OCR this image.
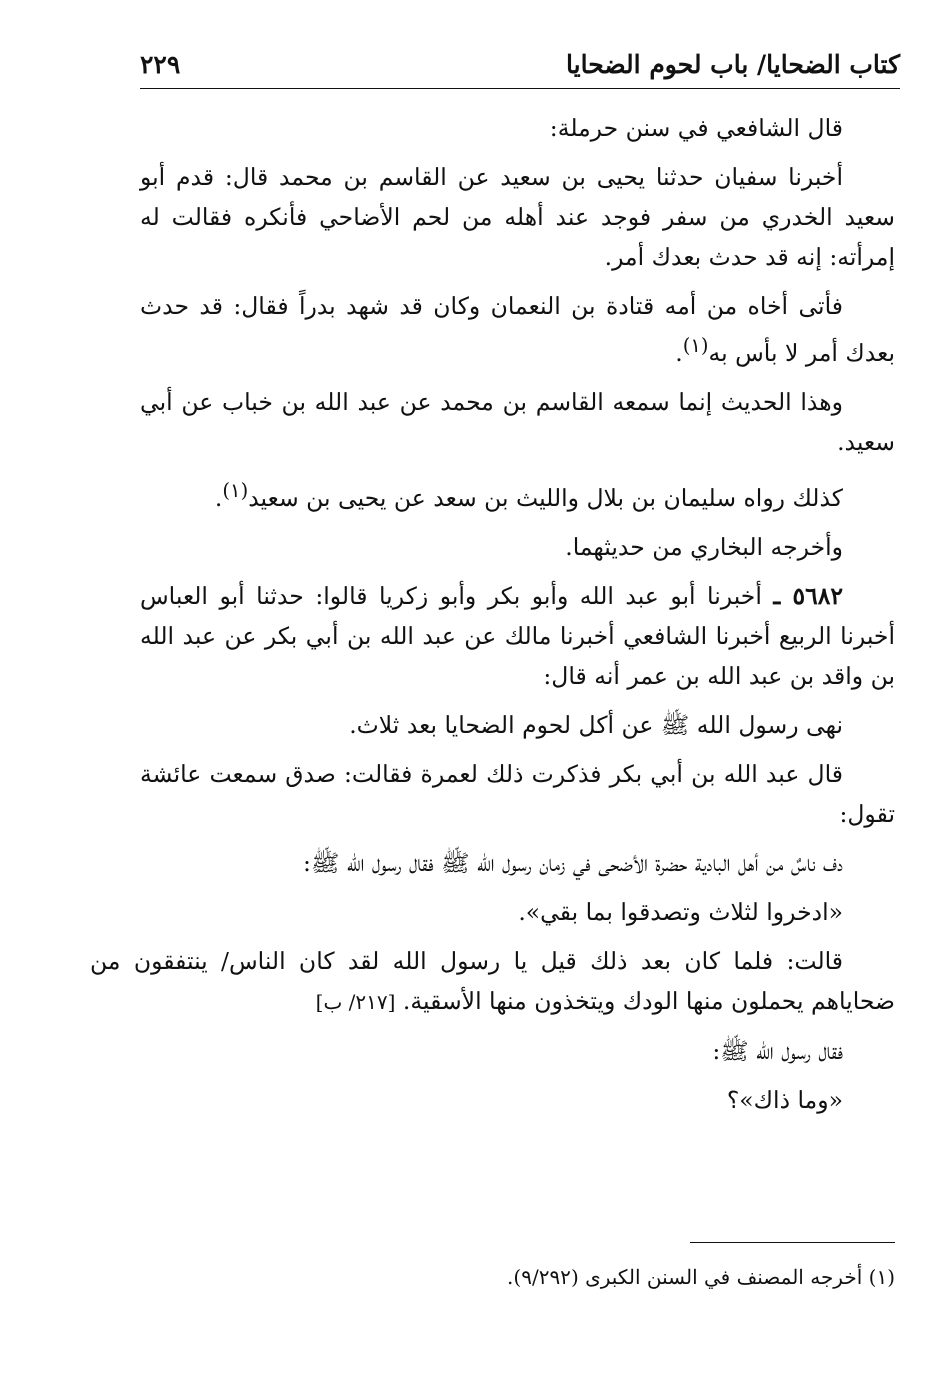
كتاب الضحايا/ باب لحوم الضحايا
٢٢٩

قال الشافعي في سنن حرملة:

أخبرنا سفيان حدثنا يحيى بن سعيد عن القاسم بن محمد قال: قدم أبو سعيد الخدري من سفر فوجد عند أهله من لحم الأضاحي فأنكره فقالت له إمرأته: إنه قد حدث بعدك أمر.

فأتى أخاه من أمه قتادة بن النعمان وكان قد شهد بدراً فقال: قد حدث بعدك أمر لا بأس به$^{(١)}$.

وهذا الحديث إنما سمعه القاسم بن محمد عن عبد الله بن خباب عن أبي سعيد.

كذلك رواه سليمان بن بلال والليث بن سعد عن يحيى بن سعيد$^{(١)}$.

وأخرجه البخاري من حديثهما.

٥٦٨٢ ـ أخبرنا أبو عبد الله وأبو بكر وأبو زكريا قالوا: حدثنا أبو العباس أخبرنا الربيع أخبرنا الشافعي أخبرنا مالك عن عبد الله بن أبي بكر عن عبد الله بن واقد بن عبد الله بن عمر أنه قال:

نهى رسول الله ﷺ عن أكل لحوم الضحايا بعد ثلاث.

قال عبد الله بن أبي بكر فذكرت ذلك لعمرة فقالت: صدق سمعت عائشة تقول:

دف ناسٌ من أهل البادية حضرة الأضحى في زمان رسول الله ﷺ فقال رسول الله ﷺ:

«ادخروا لثلاث وتصدقوا بما بقي».

قالت: فلما كان بعد ذلك قيل يا رسول الله لقد كان الناس/ ينتفقون من ضحاياهم يحملون منها الودك ويتخذون منها الأسقية. [٢١٧/ ب]

فقال رسول الله ﷺ:

«وما ذاك»؟

(١) أخرجه المصنف في السنن الكبرى (٩/٢٩٢).
